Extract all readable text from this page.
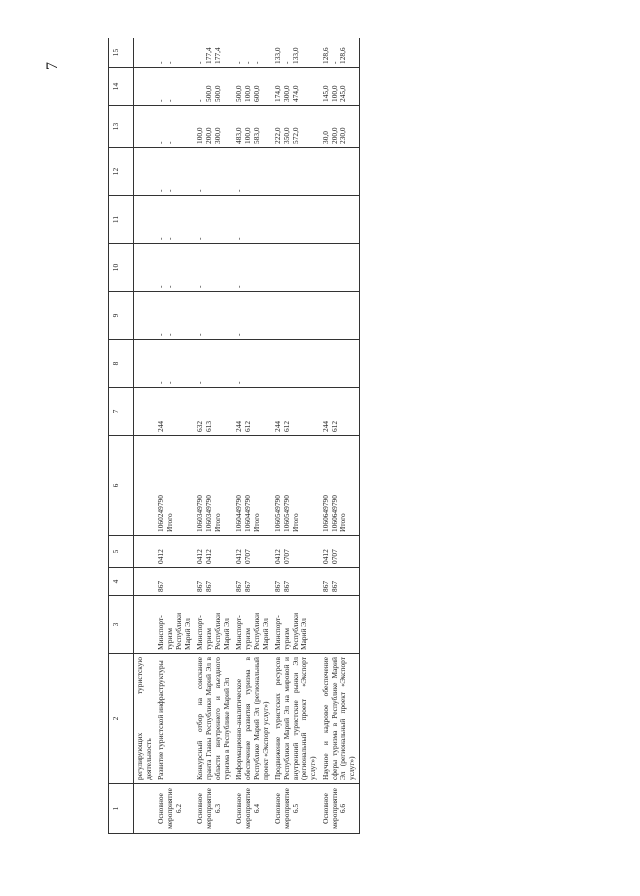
7
1	2	3	4	5	6	7	8	9	10	11	12	13	14	15
	регулирующих туристскую деятельность													
Основное мероприятие 6.2	Развитие туристской инфраструктуры	Минспорт-туризм Республики Марий Эл	867	0412	1060249790 Итого	244	- -	- -	- -	- -	- -	- -	- -	- -

Основное мероприятие 6.3	Конкурсный отбор на соискание гранта Главы Республики Марий Эл в области внутреннего и въездного туризма в Республике Марий Эл	Минспорт-туризм Республики Марий Эл	867 867	0412 0412	1060349790 1060349790 Итого	632 613	-	-	-	-	-	100,0 200,0 300,0	- 500,0 500,0	- 177,4 177,4

Основное мероприятие 6.4	Информационно-аналитическое обеспечение развития туризма в Республике Марий Эл (региональный проект «Экспорт услуг»)	Минспорт-туризм Республики Марий Эл	867 867	0412 0707	1060449790 1060449790 Итого	244 612	-	-	-	-	-	483,0 100,0 583,0	500,0 100,0 600,0	- - -

Основное мероприятие 6.5	Продвижение туристских ресурсов Республики Марий Эл на мировой и внутренний туристские рынки Эл (региональный проект «Экспорт услуг»)	Минспорт-туризм Республики Марий Эл	867 867	0412 0707	1060549790 1060549790 Итого	244 612						222,0 350,0 572,0	174,0 300,0 474,0	133,0 - 133,0

Основное мероприятие 6.6	Научное и кадровое обеспечение сферы туризма в Республике Марий Эл (региональный проект «Экспорт услуг»)		867 867	0412 0707	1060649790 1060649790 Итого	244 612						30,0 200,0 230,0	145,0 100,0 245,0	128,6 - 128,6
